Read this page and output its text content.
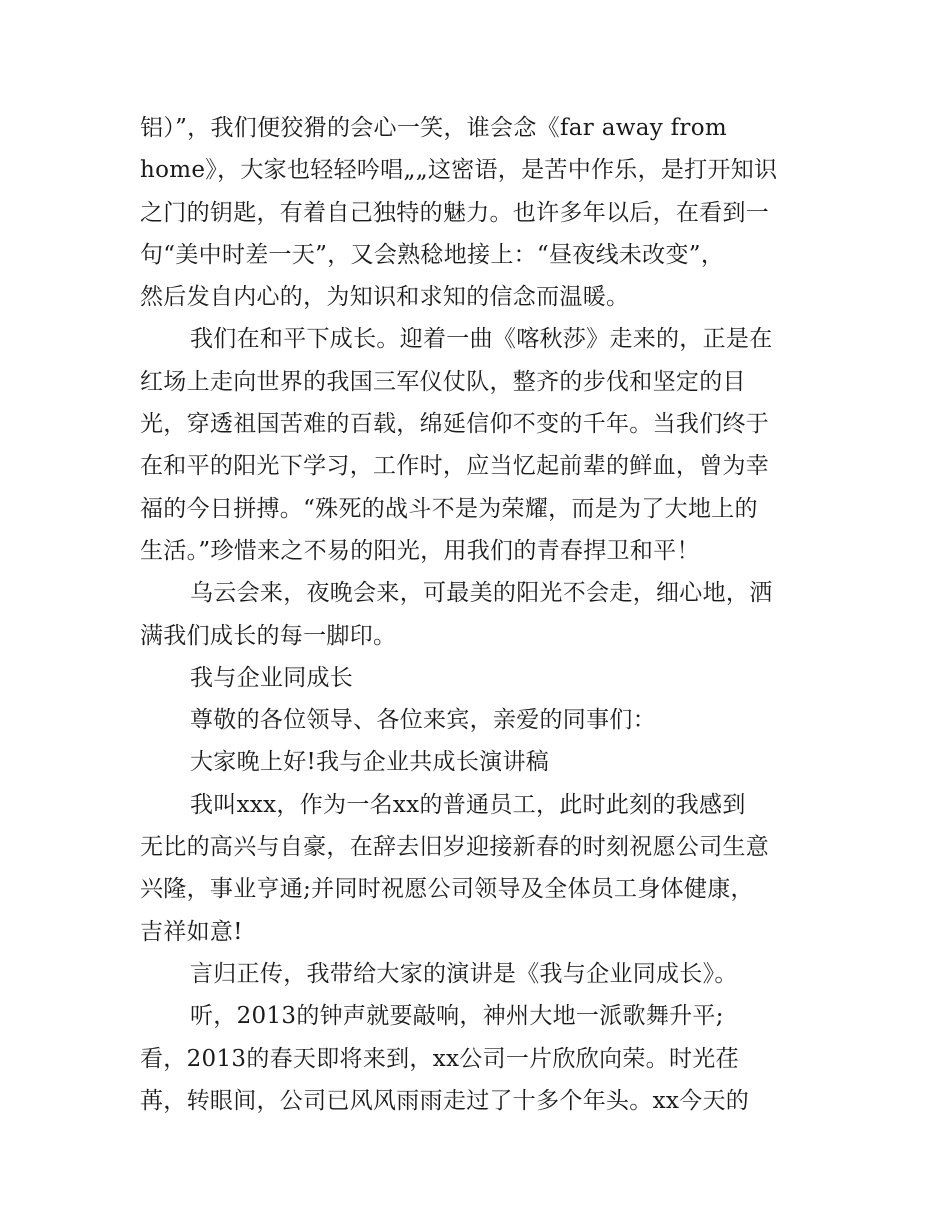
铝）”，我们便狡猾的会心一笑，谁会念《far away from
home》，大家也轻轻吟唱„„这密语，是苦中作乐，是打开知识
之门的钥匙，有着自己独特的魅力。也许多年以后，在看到一
句“美中时差一天”，又会熟稔地接上：“昼夜线未改变”，
然后发自内心的，为知识和求知的信念而温暖。
我们在和平下成长。迎着一曲《喀秋莎》走来的，正是在
红场上走向世界的我国三军仪仗队，整齐的步伐和坚定的目
光，穿透祖国苦难的百载，绵延信仰不变的千年。当我们终于
在和平的阳光下学习，工作时，应当忆起前辈的鲜血，曾为幸
福的今日拼搏。“殊死的战斗不是为荣耀，而是为了大地上的
生活。”珍惜来之不易的阳光，用我们的青春捍卫和平！
乌云会来，夜晚会来，可最美的阳光不会走，细心地，洒
满我们成长的每一脚印。
我与企业同成长
尊敬的各位领导、各位来宾，亲爱的同事们：
大家晚上好!我与企业共成长演讲稿
我叫xxx，作为一名xx的普通员工，此时此刻的我感到
无比的高兴与自豪，在辞去旧岁迎接新春的时刻祝愿公司生意
兴隆，事业亨通;并同时祝愿公司领导及全体员工身体健康，
吉祥如意!
言归正传，我带给大家的演讲是《我与企业同成长》。
听，2013的钟声就要敲响，神州大地一派歌舞升平;
看，2013的春天即将来到，xx公司一片欣欣向荣。时光荏
苒，转眼间，公司已风风雨雨走过了十多个年头。xx今天的
